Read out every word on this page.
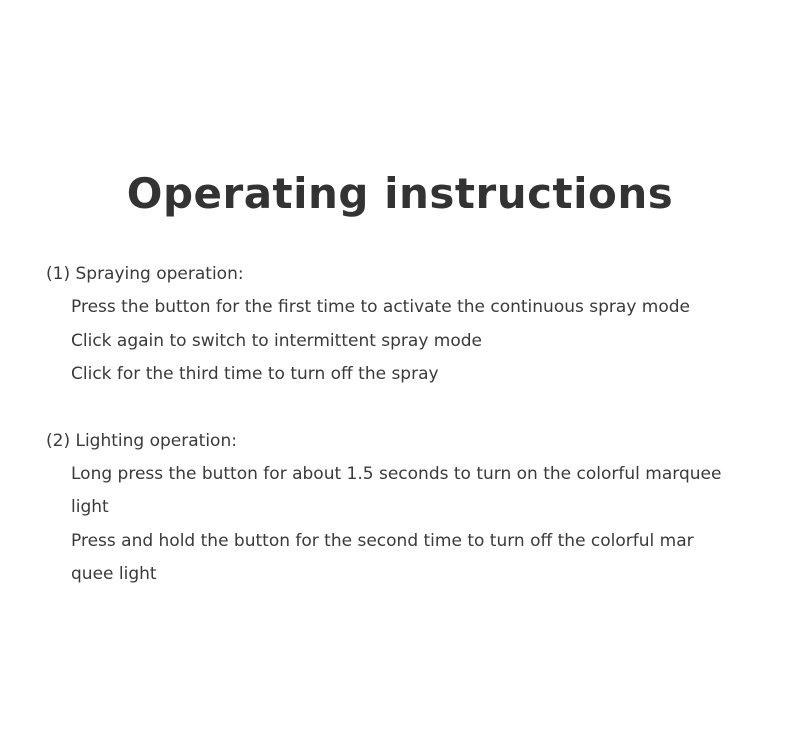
Operating instructions
(1) Spraying operation:
Press the button for the first time to activate the continuous spray mode
Click again to switch to intermittent spray mode
Click for the third time to turn off the spray
(2) Lighting operation:
Long press the button for about 1.5 seconds to turn on the colorful marquee
light
Press and hold the button for the second time to turn off the colorful mar
quee light
